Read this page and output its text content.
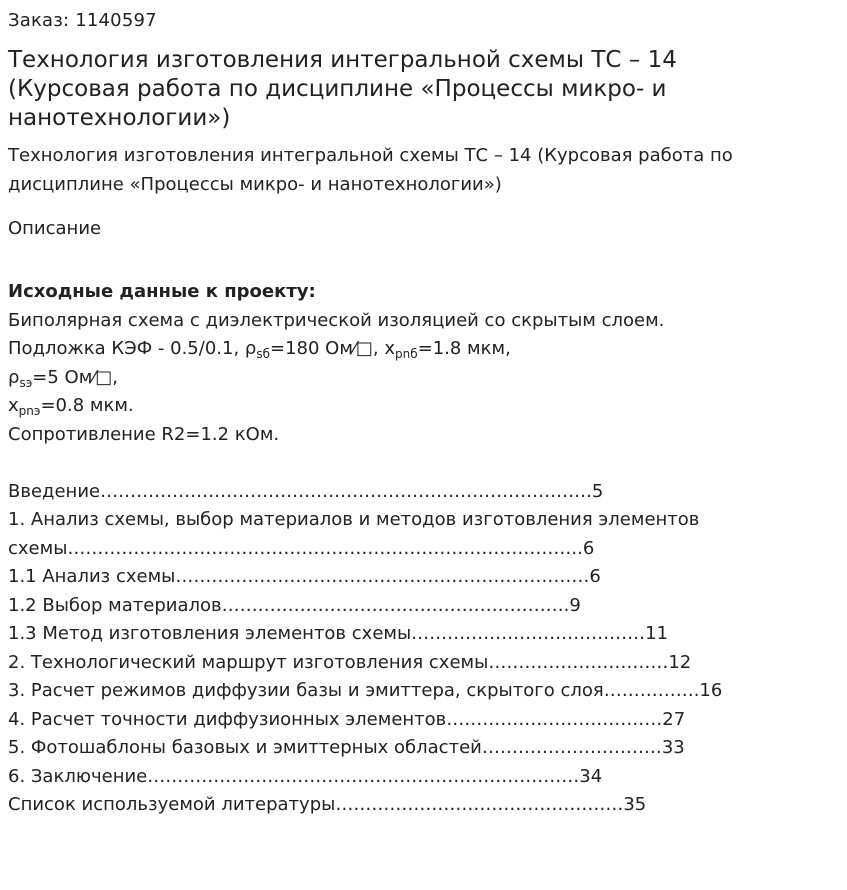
Заказ: 1140597
Технология изготовления интегральной схемы ТС – 14 (Курсовая работа по дисциплине «Процессы микро- и нанотехнологии»)
Технология изготовления интегральной схемы ТС – 14 (Курсовая работа по дисциплине «Процессы микро- и нанотехнологии»)
Описание
Исходные данные к проекту:
Биполярная схема с диэлектрической изоляцией со скрытым слоем.
Подложка КЭФ - 0.5/0.1, $\rho_{sб}=180$ Ом⁄□, $x_{pnб}=1.8$ мкм,
$\rho_{sэ}=5$ Ом⁄□,
$x_{pnэ}=0.8$ мкм.
Сопротивление R2=1.2 кОм.
Введение……………………………………………………………………….5
1. Анализ схемы, выбор материалов и методов изготовления элементов
схемы…………………………………………………………………………..6
1.1 Анализ схемы……………………………………………………………6
1.2 Выбор материалов………………………………………………….9
1.3 Метод изготовления элементов схемы…………………………………11
2. Технологический маршрут изготовления схемы…………………………12
3. Расчет режимов диффузии базы и эмиттера, скрытого слоя…………….16
4. Расчет точности диффузионных элементов………………………………27
5. Фотошаблоны базовых и эмиттерных областей…………………………33
6. Заключение………………………………………………………………34
Список используемой литературы…………………………………………35
